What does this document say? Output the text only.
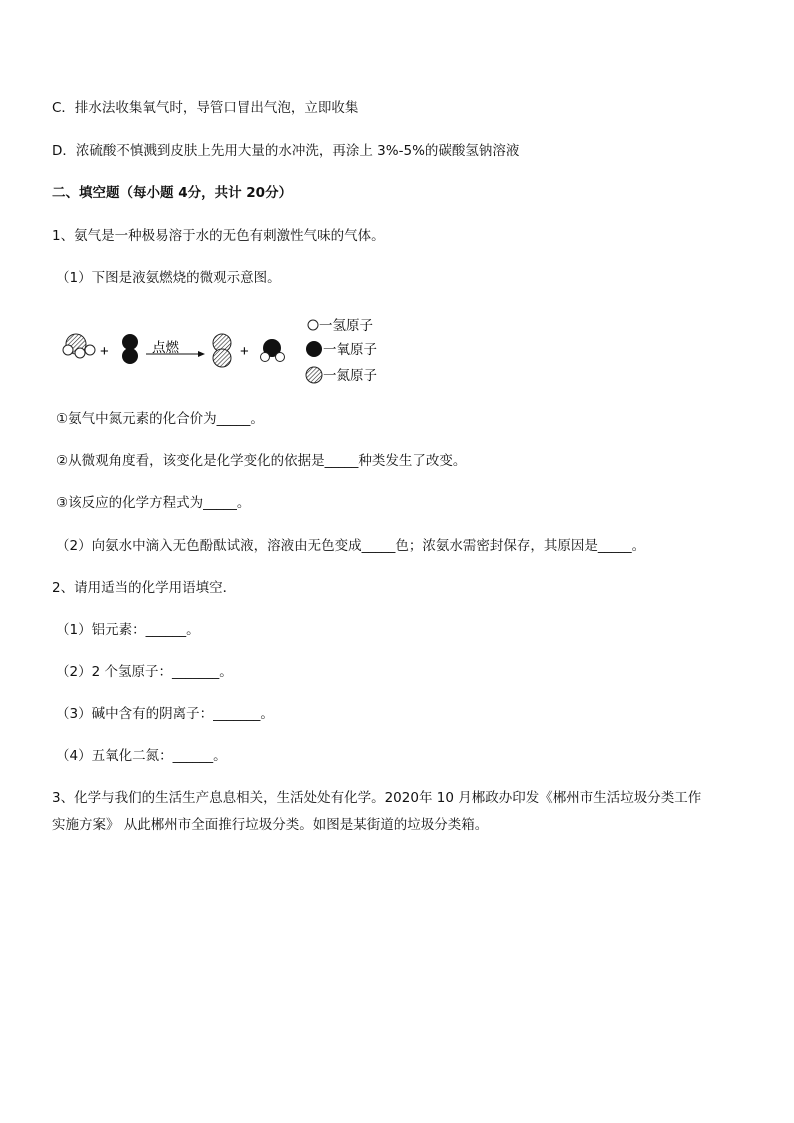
C．排水法收集氧气时，导管口冒出气泡，立即收集
D．浓硫酸不慎溅到皮肤上先用大量的水冲洗，再涂上 3%-5%的碳酸氢钠溶液
二、填空题（每小题 4分，共计 20分）
1、氨气是一种极易溶于水的无色有刺激性气味的气体。
（1）下图是液氨燃烧的微观示意图。
+	点燃	+
一氢原子
一氧原子
一氮原子
①氨气中氮元素的化合价为_____。
②从微观角度看，该变化是化学变化的依据是_____种类发生了改变。
③该反应的化学方程式为_____。
（2）向氨水中滴入无色酚酞试液，溶液由无色变成_____色；浓氨水需密封保存，其原因是_____。
2、请用适当的化学用语填空．
（1）铝元素：______。
（2）2 个氢原子：_______。
（3）碱中含有的阴离子：_______。
（4）五氧化二氮：______。
3、化学与我们的生活生产息息相关，生活处处有化学。2020年 10 月郴政办印发《郴州市生活垃圾分类工作
实施方案》 从此郴州市全面推行垃圾分类。如图是某街道的垃圾分类箱。
